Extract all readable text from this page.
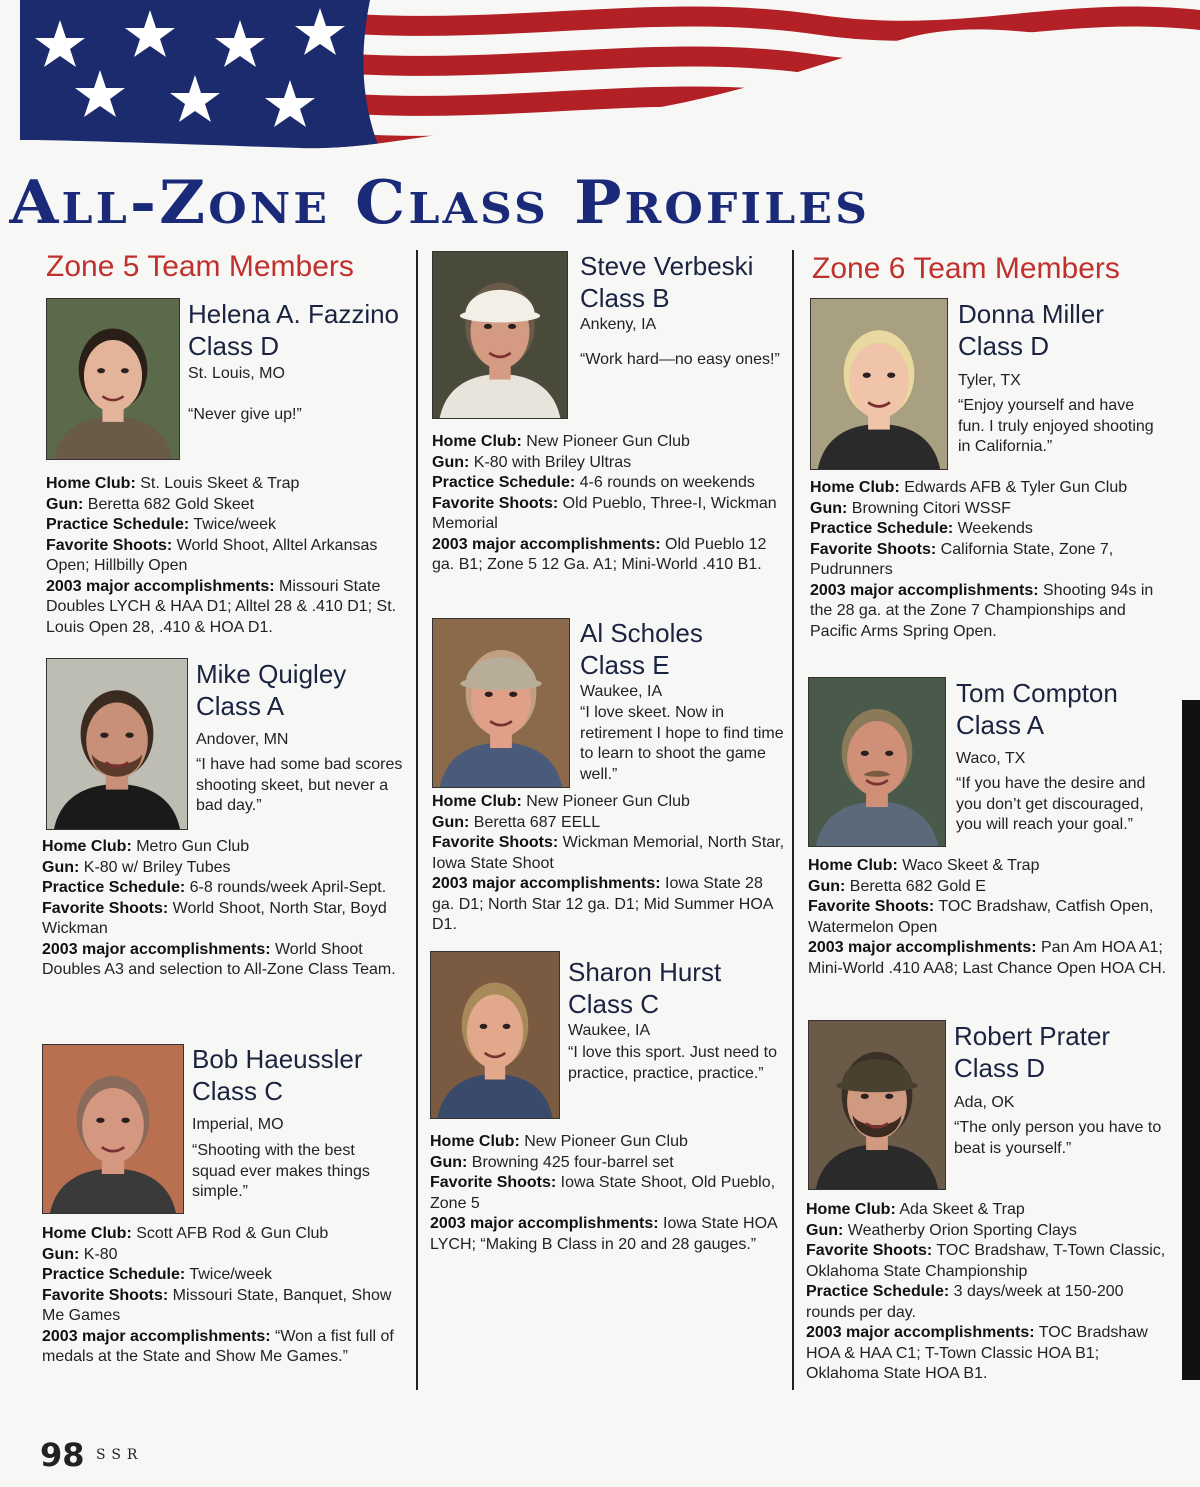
All-Zone Class Profiles
Zone 5 Team Members	Zone 6 Team Members
Helena A. Fazzino
Class D
St. Louis, MO
“Never give up!”
Home Club: St. Louis Skeet & Trap
Gun: Beretta 682 Gold Skeet
Practice Schedule: Twice/week
Favorite Shoots: World Shoot, Alltel Arkansas Open; Hillbilly Open
2003 major accomplishments: Missouri State Doubles LYCH & HAA D1; Alltel 28 & .410 D1; St. Louis Open 28, .410 & HOA D1.
Mike Quigley
Class A
Andover, MN
“I have had some bad scores shooting skeet, but never a bad day.”
Home Club: Metro Gun Club
Gun: K-80 w/ Briley Tubes
Practice Schedule: 6-8 rounds/week April-Sept.
Favorite Shoots: World Shoot, North Star, Boyd Wickman
2003 major accomplishments: World Shoot Doubles A3 and selection to All-Zone Class Team.
Bob Haeussler
Class C
Imperial, MO
“Shooting with the best squad ever makes things simple.”
Home Club: Scott AFB Rod & Gun Club
Gun: K-80
Practice Schedule: Twice/week
Favorite Shoots: Missouri State, Banquet, Show Me Games
2003 major accomplishments: “Won a fist full of medals at the State and Show Me Games.”
Steve Verbeski
Class B
Ankeny, IA
“Work hard—no easy ones!”
Home Club: New Pioneer Gun Club
Gun: K-80 with Briley Ultras
Practice Schedule: 4-6 rounds on weekends
Favorite Shoots: Old Pueblo, Three-I, Wickman Memorial
2003 major accomplishments: Old Pueblo 12 ga. B1; Zone 5 12 Ga. A1; Mini-World .410 B1.
Al Scholes
Class E
Waukee, IA
“I love skeet. Now in retirement I hope to find time to learn to shoot the game well.”
Home Club: New Pioneer Gun Club
Gun: Beretta 687 EELL
Favorite Shoots: Wickman Memorial, North Star, Iowa State Shoot
2003 major accomplishments: Iowa State 28 ga. D1; North Star 12 ga. D1; Mid Summer HOA D1.
Sharon Hurst
Class C
Waukee, IA
“I love this sport. Just need to practice, practice, practice.”
Home Club: New Pioneer Gun Club
Gun: Browning 425 four-barrel set
Favorite Shoots: Iowa State Shoot, Old Pueblo, Zone 5
2003 major accomplishments: Iowa State HOA LYCH; “Making B Class in 20 and 28 gauges.”
Donna Miller
Class D
Tyler, TX
“Enjoy yourself and have fun. I truly enjoyed shooting in California.”
Home Club: Edwards AFB & Tyler Gun Club
Gun: Browning Citori WSSF
Practice Schedule: Weekends
Favorite Shoots: California State, Zone 7, Pudrunners
2003 major accomplishments: Shooting 94s in the 28 ga. at the Zone 7 Championships and Pacific Arms Spring Open.
Tom Compton
Class A
Waco, TX
“If you have the desire and you don’t get discouraged, you will reach your goal.”
Home Club: Waco Skeet & Trap
Gun: Beretta 682 Gold E
Favorite Shoots: TOC Bradshaw, Catfish Open, Watermelon Open
2003 major accomplishments: Pan Am HOA A1; Mini-World .410 AA8; Last Chance Open HOA CH.
Robert Prater
Class D
Ada, OK
“The only person you have to beat is yourself.”
Home Club: Ada Skeet & Trap
Gun: Weatherby Orion Sporting Clays
Favorite Shoots: TOC Bradshaw, T-Town Classic, Oklahoma State Championship
Practice Schedule: 3 days/week at 150-200 rounds per day.
2003 major accomplishments: TOC Bradshaw HOA & HAA C1; T-Town Classic HOA B1; Oklahoma State HOA B1.
98 SSR
